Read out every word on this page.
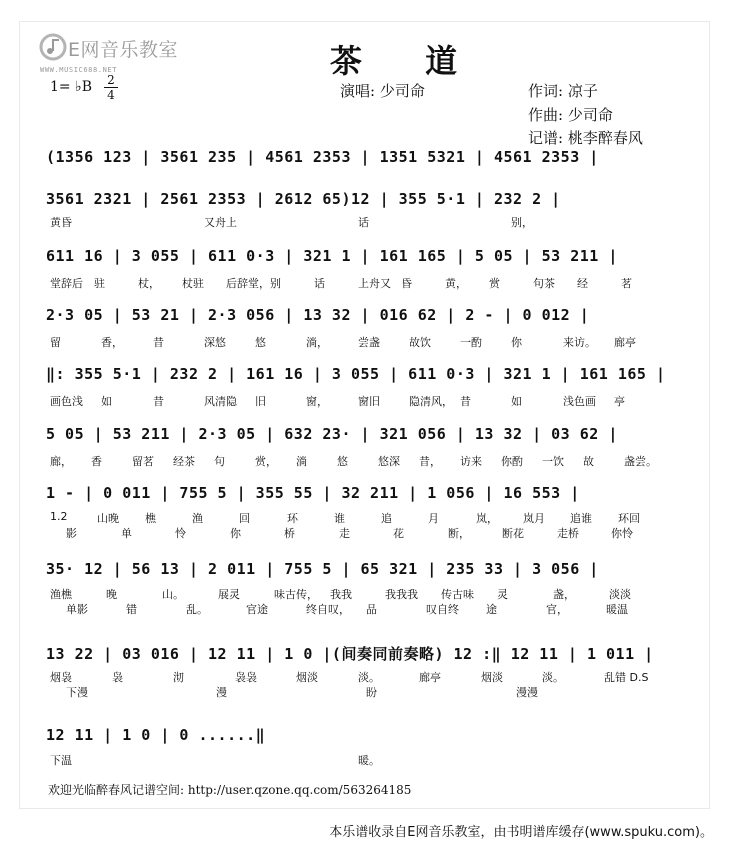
E网音乐教室
WWW.MUSIC688.NET	茶 道
1= ♭B 2
4	演唱: 少司命	作词: 凉子
作曲: 少司命
记谱: 桃李醉春风
(1356 123 | 3561 235 | 4561 2353 | 1351 5321 | 4561 2353 |
3561 2321 | 2561 2353 | 2612 65)12 | 355 5·1 | 232 2 |
黄昏	又舟上	话	别，
611 16 | 3 055 | 611 0·3 | 321 1 | 161 165 | 5 05 | 53 211 |
堂辞后 驻	杖， 杖驻 后辞堂， 别	话	上舟又 昏	黄， 赏	句茶 经	茗
2·3 05 | 53 21 | 2·3 056 | 13 32 | 016 62 | 2 - | 0 012 |
留	香，	昔	深悠	悠	淌，	尝盏	故饮	一酌	你	来访。 廊亭
‖: 355 5·1 | 232 2 | 161 16 | 3 055 | 611 0·3 | 321 1 | 161 165 |
画色浅 如	昔	风清隐 旧	窗，	窗旧	隐清风， 昔	如	浅色画 亭
5 05 | 53 211 | 2·3 05 | 632 23· | 321 056 | 13 32 | 03 62 |
廊， 香	留茗 经茶 句	赏， 淌	悠	悠深 昔， 访来 你酌 一饮 故	盏尝。
1 - | 0 011 | 755 5 | 355 55 | 32 211 | 1 056 | 16 553 |
1.2	山晚 樵	渔	回	环	谁	追	月	岚， 岚月 追谁 环回
影	单	怜	你	桥	走	花	断，	断花	走桥	你怜
35· 12 | 56 13 | 2 011 | 755 5 | 65 321 | 235 33 | 3 056 |
渔樵	晚	山。	展灵	味古传， 我我	我我我 传古味 灵	盏，	淡淡
单影	错	乱。	官途	终自叹， 品	叹自终 途	官，	暖温
13 22 | 03 016 | 12 11 | 1 0 |(间奏同前奏略) 12 :‖ 12 11 | 1 011 |
烟袅	袅	沏	袅袅	烟淡	淡。	廊亭	烟淡	淡。	乱错 D.S
下漫	漫	盼	漫漫
12 11 | 1 0 | 0 ......‖
下温	暖。
欢迎光临醉春风记谱空间: http://user.qzone.qq.com/563264185
本乐谱收录自E网音乐教室，由书明谱库缓存(www.spuku.com)。
